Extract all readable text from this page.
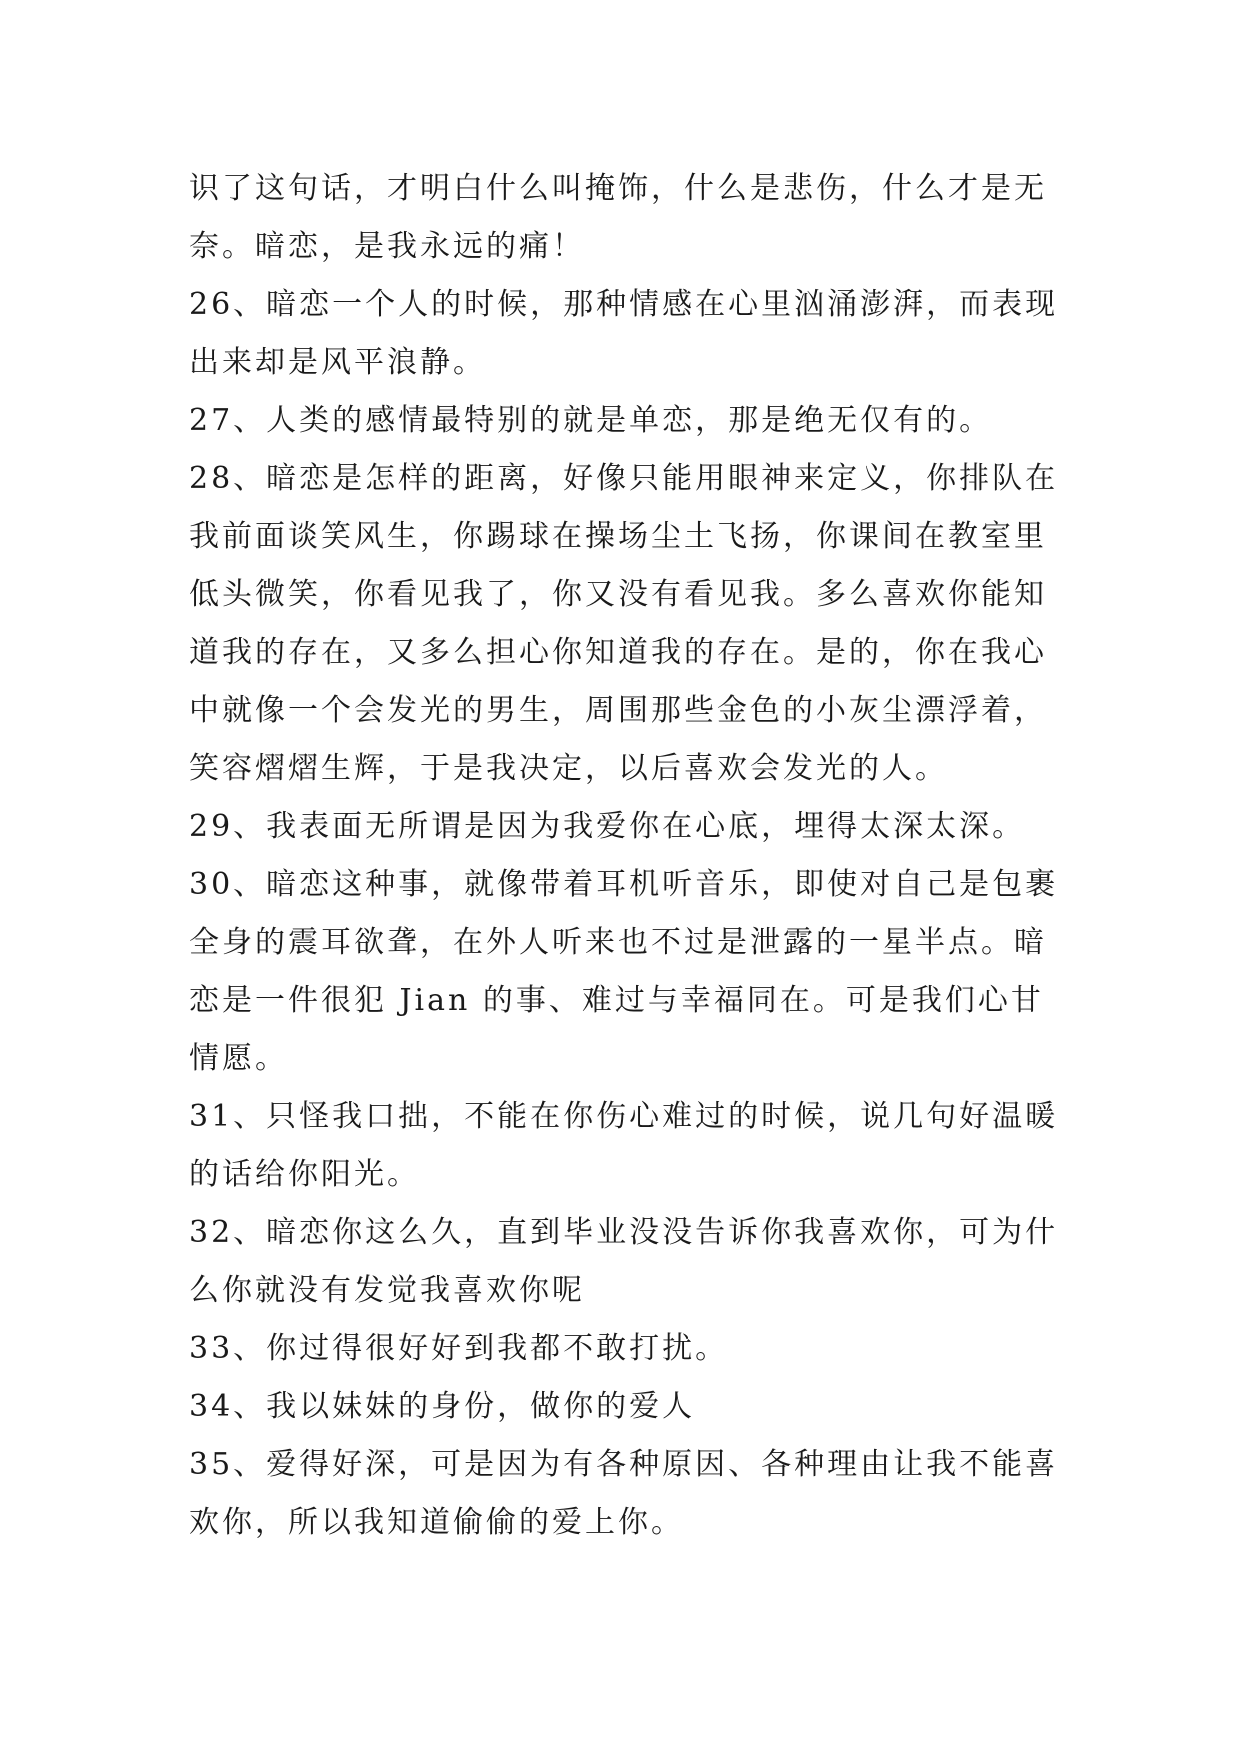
识了这句话，才明白什么叫掩饰，什么是悲伤，什么才是无
奈。暗恋，是我永远的痛！
26、暗恋一个人的时候，那种情感在心里汹涌澎湃，而表现
出来却是风平浪静。
27、人类的感情最特别的就是单恋，那是绝无仅有的。
28、暗恋是怎样的距离，好像只能用眼神来定义，你排队在
我前面谈笑风生，你踢球在操场尘土飞扬，你课间在教室里
低头微笑，你看见我了，你又没有看见我。多么喜欢你能知
道我的存在，又多么担心你知道我的存在。是的，你在我心
中就像一个会发光的男生，周围那些金色的小灰尘漂浮着，
笑容熠熠生辉，于是我决定，以后喜欢会发光的人。
29、我表面无所谓是因为我爱你在心底，埋得太深太深。
30、暗恋这种事，就像带着耳机听音乐，即使对自己是包裹
全身的震耳欲聋，在外人听来也不过是泄露的一星半点。暗
恋是一件很犯 Jian 的事、难过与幸福同在。可是我们心甘
情愿。
31、只怪我口拙，不能在你伤心难过的时候，说几句好温暖
的话给你阳光。
32、暗恋你这么久，直到毕业没没告诉你我喜欢你，可为什
么你就没有发觉我喜欢你呢
33、你过得很好好到我都不敢打扰。
34、我以妹妹的身份，做你的爱人
35、爱得好深，可是因为有各种原因、各种理由让我不能喜
欢你，所以我知道偷偷的爱上你。
